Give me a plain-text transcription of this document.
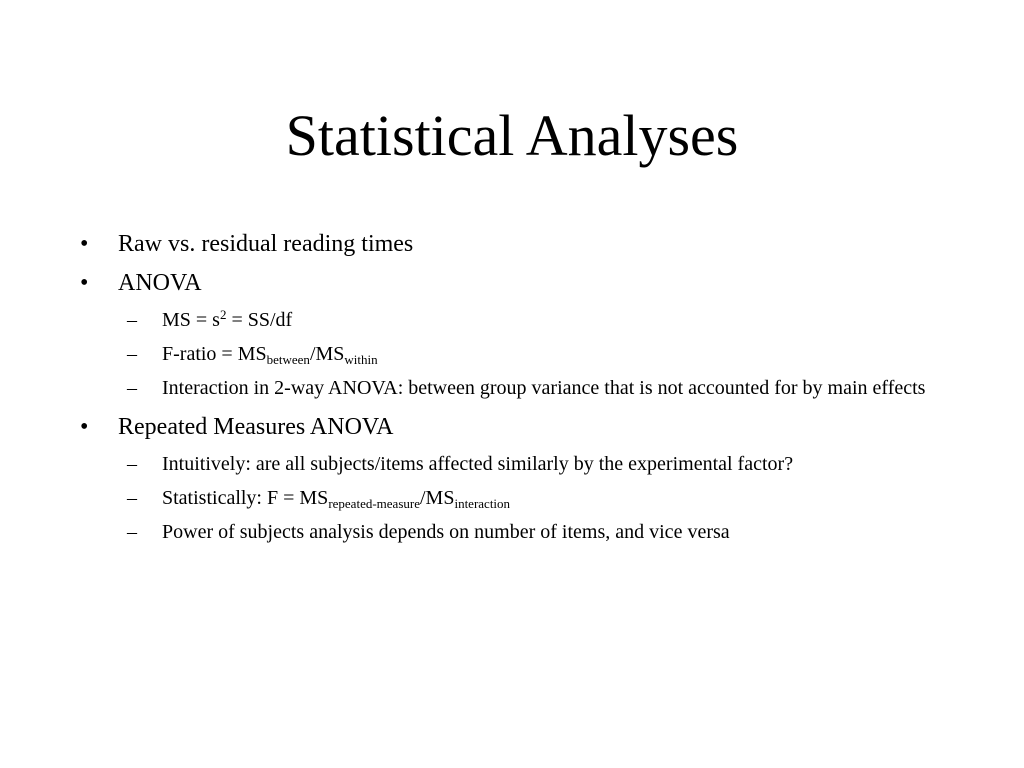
Statistical Analyses
• Raw vs. residual reading times
• ANOVA
– MS = $s^2 = SS/df$
– F-ratio = $MS_{between}/MS_{within}$
– Interaction in 2-way ANOVA: between group variance that is not accounted for by main effects
• Repeated Measures ANOVA
– Intuitively: are all subjects/items affected similarly by the experimental factor?
– Statistically: $F = MS_{repeated-measure}/MS_{interaction}$
– Power of subjects analysis depends on number of items, and vice versa
